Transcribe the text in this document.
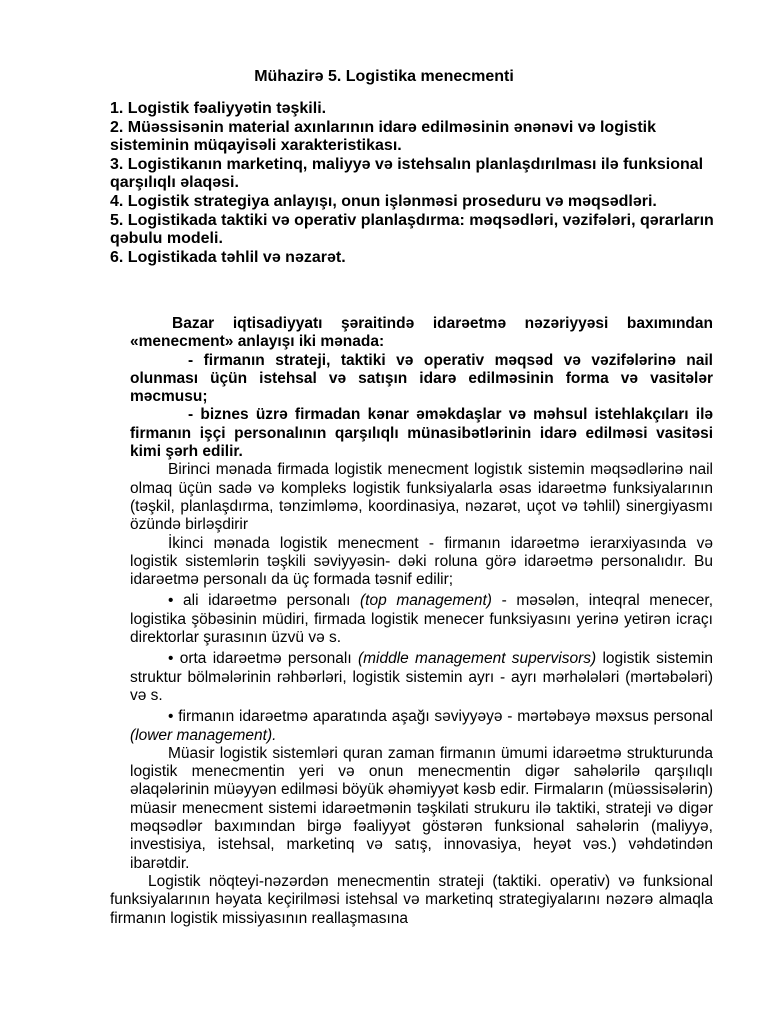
Mühazirə 5. Logistika menecmenti

1. Logistik fəaliyyətin təşkili.

2. Müəssisənin material axınlarının idarə edilməsinin ənənəvi və logistik sisteminin müqayisəli xarakteristikası.

3. Logistikanın marketinq, maliyyə və istehsalın planlaşdırılması ilə funksional qarşılıqlı əlaqəsi.

4. Logistik strategiya anlayışı, onun işlənməsi proseduru və məqsədləri.

5. Logistikada taktiki və operativ planlaşdırma: məqsədləri, vəzifələri, qərarların qəbulu modeli.

6. Logistikada təhlil və nəzarət.

Bazar iqtisadiyyatı şəraitində idarəetmə nəzəriyyəsi baxımından «menecment» anlayışı iki mənada:

- firmanın strateji, taktiki və operativ məqsəd və vəzifələrinə nail olunması üçün istehsal və satışın idarə edilməsinin forma və vasitələr məcmusu;

- biznes üzrə firmadan kənar əməkdaşlar və məhsul istehlakçıları ilə firmanın işçi personalının qarşılıqlı münasibətlərinin idarə edilməsi vasitəsi kimi şərh edilir.

Birinci mənada firmada logistik menecment logistık sistemin məqsədlərinə nail olmaq üçün sadə və kompleks logistik funksiyalarla əsas idarəetmə funksiyalarının (təşkil, planlaşdırma, tənzimləmə, koordinasiya, nəzarət, uçot və təhlil) sinergiyasmı özündə birləşdirir

İkinci mənada logistik menecment - firmanın idarəetmə ierarxiyasında və logistik sistemlərin təşkili səviyyəsin- dəki roluna görə idarəetmə personalıdır. Bu idarəetmə personalı da üç formada təsnif edilir;

• ali idarəetmə personalı (top management) - məsələn, inteqral menecer, logistika şöbəsinin müdiri, firmada logistik menecer funksiyasını yerinə yetirən icraçı direktorlar şurasının üzvü və s.

• orta idarəetmə personalı (middle management supervisors) logistik sistemin struktur bölmələrinin rəhbərləri, logistik sistemin ayrı - ayrı mərhələləri (mərtəbələri) və s.

• firmanın idarəetmə aparatında aşağı səviyyəyə - mərtəbəyə məxsus personal (lower management).

Müasir logistik sistemləri quran zaman firmanın ümumi idarəetmə strukturunda logistik menecmentin yeri və onun menecmentin digər sahələrilə qarşılıqlı əlaqələrinin müəyyən edilməsi böyük əhəmiyyət kəsb edir. Firmaların (müəssisələrin) müasir menecment sistemi idarəetmənin təşkilati strukuru ilə taktiki, strateji və digər məqsədlər baxımından birgə fəaliyyət göstərən funksional sahələrin (maliyyə, investisiya, istehsal, marketinq və satış, innovasiya, heyət vəs.) vəhdətindən ibarətdir.

Logistik nöqteyi-nəzərdən menecmentin strateji (taktiki. operativ) və funksional funksiyalarının həyata keçirilməsi istehsal və marketinq strategiyalarını nəzərə almaqla firmanın logistik missiyasının reallaşmasına
